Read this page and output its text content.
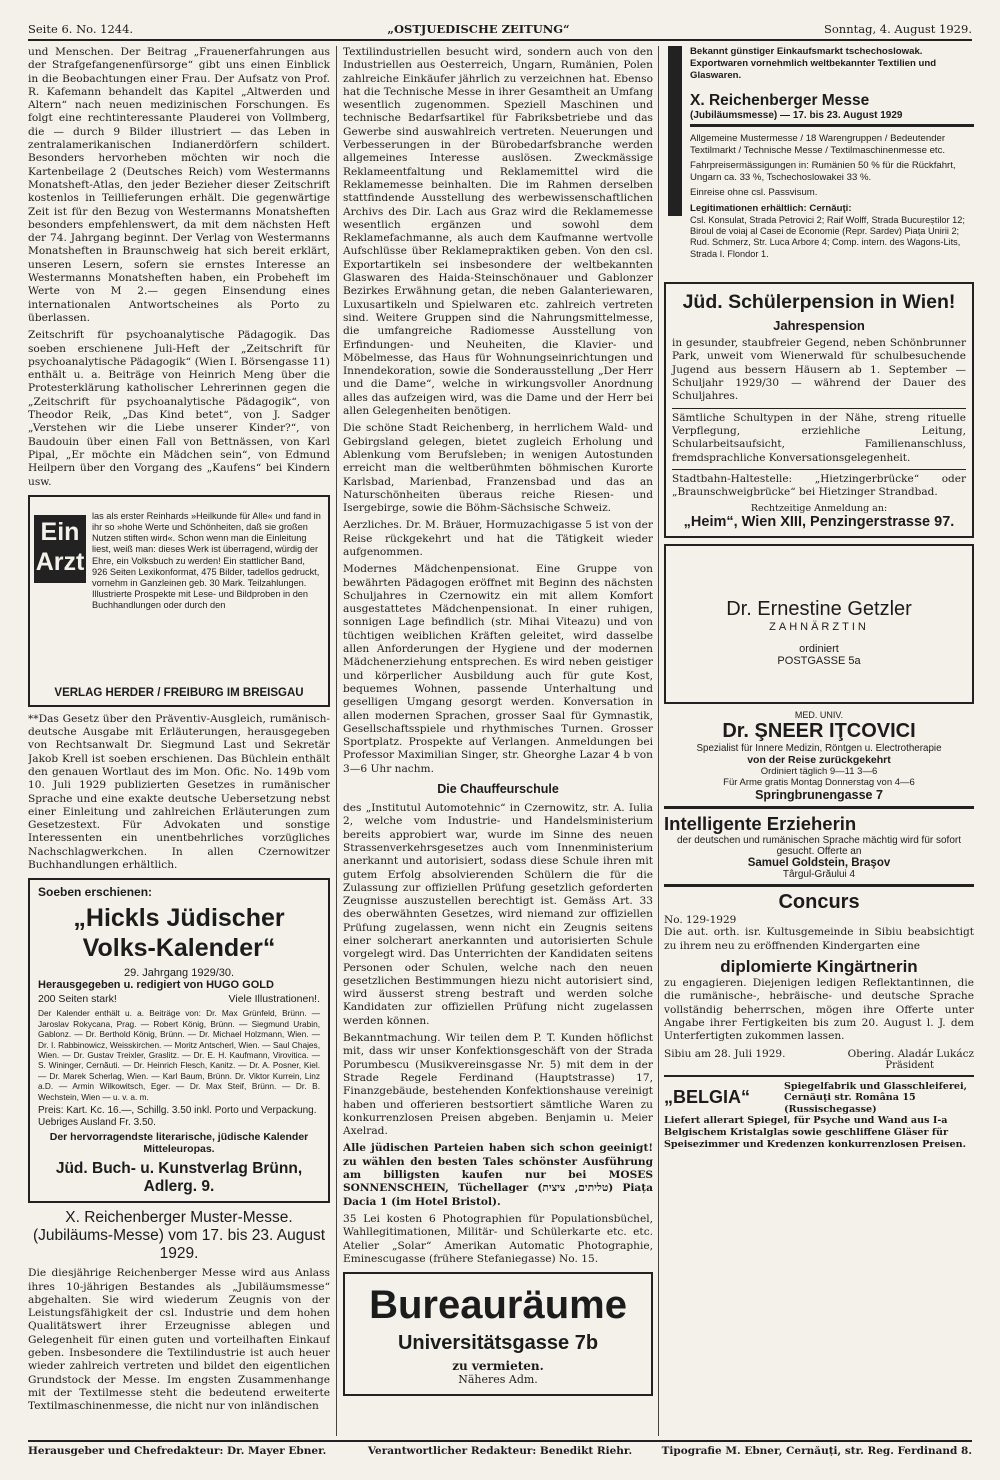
Seite 6. No. 1244.	„OSTJUEDISCHE ZEITUNG“	Sonntag, 4. August 1929.

und Menschen. Der Beitrag „Frauenerfahrungen aus der Strafgefangenenfürsorge“ gibt uns einen Einblick in die Beobachtungen einer Frau. Der Aufsatz von Prof. R. Kafemann behandelt das Kapitel „Altwerden und Altern“ nach neuen medizinischen Forschungen. Es folgt eine rechtinteressante Plauderei von Vollmberg, die — durch 9 Bilder illustriert — das Leben in zentralamerikanischen Indianerdörfern schildert. Besonders hervorheben möchten wir noch die Kartenbeilage 2 (Deutsches Reich) vom Westermanns Monatsheft-Atlas, den jeder Bezieher dieser Zeitschrift kostenlos in Teillieferungen erhält. Die gegenwärtige Zeit ist für den Bezug von Westermanns Monatsheften besonders empfehlenswert, da mit dem nächsten Heft der 74. Jahrgang beginnt. Der Verlag von Westermanns Monatsheften in Braunschweig hat sich bereit erklärt, unseren Lesern, sofern sie ernstes Interesse an Westermanns Monatsheften haben, ein Probeheft im Werte von M 2.— gegen Einsendung eines internationalen Antwortscheines als Porto zu überlassen.

Zeitschrift für psychoanalytische Pädagogik. Das soeben erschienene Juli-Heft der „Zeitschrift für psychoanalytische Pädagogik“ (Wien I. Börsengasse 11) enthält u. a. Beiträge von Heinrich Meng über die Protesterklärung katholischer Lehrerinnen gegen die „Zeitschrift für psychoanalytische Pädagogik“, von Theodor Reik, „Das Kind betet“, von J. Sadger „Verstehen wir die Liebe unserer Kinder?“, von Baudouin über einen Fall von Bettnässen, von Karl Pipal, „Er möchte ein Mädchen sein“, von Edmund Heilpern über den Vorgang des „Kaufens“ bei Kindern usw.

Ein Arzt
las als erster Reinhards »Heilkunde für Alle« und fand in ihr so »hohe Werte und Schönheiten, daß sie großen Nutzen stiften wird«. Schon wenn man die Einleitung liest, weiß man: dieses Werk ist überragend, würdig der Ehre, ein Volksbuch zu werden! Ein stattlicher Band, 926 Seiten Lexikonformat, 475 Bilder, tadellos gedruckt, vornehm in Ganzleinen geb. 30 Mark. Teilzahlungen. Illustrierte Prospekte mit Lese- und Bildproben in den Buchhandlungen oder durch den
VERLAG HERDER / FREIBURG IM BREISGAU

**Das Gesetz über den Präventiv-Ausgleich, rumänisch-deutsche Ausgabe mit Erläuterungen, herausgegeben von Rechtsanwalt Dr. Siegmund Last und Sekretär Jakob Krell ist soeben erschienen. Das Büchlein enthält den genauen Wortlaut des im Mon. Ofic. No. 149b vom 10. Juli 1929 publizierten Gesetzes in rumänischer Sprache und eine exakte deutsche Uebersetzung nebst einer Einleitung und zahlreichen Erläuterungen zum Gesetzestext. Für Advokaten und sonstige Interessenten ein unentbehrliches vorzügliches Nachschlagwerkchen. In allen Czernowitzer Buchhandlungen erhältlich.

Soeben erschienen:
„Hickls Jüdischer Volks-Kalender“
29. Jahrgang 1929/30.
Herausgegeben u. redigiert von HUGO GOLD
200 Seiten stark!	Viele Illustrationen!.
Der Kalender enthält u. a. Beiträge von: Dr. Max Grünfeld, Brünn. — Jaroslav Rokycana, Prag. — Robert König, Brünn. — Siegmund Urabin, Gablonz. — Dr. Berthold König, Brünn. — Dr. Michael Holzmann, Wien. — Dr. I. Rabbinowicz, Weisskirchen. — Moritz Antscherl, Wien. — Saul Chajes, Wien. — Dr. Gustav Treixler, Graslitz. — Dr. E. H. Kaufmann, Virovitica. — S. Wininger, Cernăuti. — Dr. Heinrich Flesch, Kanitz. — Dr. A. Posner, Kiel. — Dr. Marek Scherlag, Wien. — Karl Baum, Brünn. Dr. Viktor Kurrein, Linz a.D. — Armin Wilkowitsch, Eger. — Dr. Max Steif, Brünn. — Dr. B. Wechstein, Wien — u. v. a. m.
Preis: Kart. Kc. 16.—, Schillg. 3.50 inkl. Porto und Verpackung. Uebriges Ausland Fr. 3.50.
Der hervorragendste literarische, jüdische Kalender Mitteleuropas.
Jüd. Buch- u. Kunstverlag Brünn, Adlerg. 9.
X. Reichenberger Muster-Messe. (Jubiläums-Messe) vom 17. bis 23. August 1929.

Die diesjährige Reichenberger Messe wird aus Anlass ihres 10-jährigen Bestandes als „Jubiläumsmesse“ abgehalten. Sie wird wiederum Zeugnis von der Leistungsfähigkeit der csl. Industrie und dem hohen Qualitätswert ihrer Erzeugnisse ablegen und Gelegenheit für einen guten und vorteilhaften Einkauf geben. Insbesondere die Textilindustrie ist auch heuer wieder zahlreich vertreten und bildet den eigentlichen Grundstock der Messe. Im engsten Zusammenhange mit der Textilmesse steht die bedeutend erweiterte Textilmaschinenmesse, die nicht nur von inländischen

Textilindustriellen besucht wird, sondern auch von den Industriellen aus Oesterreich, Ungarn, Rumänien, Polen zahlreiche Einkäufer jährlich zu verzeichnen hat. Ebenso hat die Technische Messe in ihrer Gesamtheit an Umfang wesentlich zugenommen. Speziell Maschinen und technische Bedarfsartikel für Fabriksbetriebe und das Gewerbe sind auswahlreich vertreten. Neuerungen und Verbesserungen in der Bürobedarfsbranche werden allgemeines Interesse auslösen. Zweckmässige Reklameentfaltung und Reklamemittel wird die Reklamemesse beinhalten. Die im Rahmen derselben stattfindende Ausstellung des werbewissenschaftlichen Archivs des Dir. Lach aus Graz wird die Reklamemesse wesentlich ergänzen und sowohl dem Reklamefachmanne, als auch dem Kaufmanne wertvolle Aufschlüsse über Reklamepraktiken geben. Von den csl. Exportartikeln sei insbesondere der weltbekannten Glaswaren des Haida-Steinschönauer und Gablonzer Bezirkes Erwähnung getan, die neben Galanteriewaren, Luxusartikeln und Spielwaren etc. zahlreich vertreten sind. Weitere Gruppen sind die Nahrungsmittelmesse, die umfangreiche Radiomesse Ausstellung von Erfindungen- und Neuheiten, die Klavier- und Möbelmesse, das Haus für Wohnungseinrichtungen und Innendekoration, sowie die Sonderausstellung „Der Herr und die Dame“, welche in wirkungsvoller Anordnung alles das aufzeigen wird, was die Dame und der Herr bei allen Gelegenheiten benötigen.

Die schöne Stadt Reichenberg, in herrlichem Wald- und Gebirgsland gelegen, bietet zugleich Erholung und Ablenkung vom Berufsleben; in wenigen Autostunden erreicht man die weltberühmten böhmischen Kurorte Karlsbad, Marienbad, Franzensbad und das an Naturschönheiten überaus reiche Riesen- und Isergebirge, sowie die Böhm-Sächsische Schweiz.

Aerzliches. Dr. M. Bräuer, Hormuzachigasse 5 ist von der Reise rückgekehrt und hat die Tätigkeit wieder aufgenommen.

Modernes Mädchenpensionat. Eine Gruppe von bewährten Pädagogen eröffnet mit Beginn des nächsten Schuljahres in Czernowitz ein mit allem Komfort ausgestattetes Mädchenpensionat. In einer ruhigen, sonnigen Lage befindlich (str. Mihai Viteazu) und von tüchtigen weiblichen Kräften geleitet, wird dasselbe allen Anforderungen der Hygiene und der modernen Mädchenerziehung entsprechen. Es wird neben geistiger und körperlicher Ausbildung auch für gute Kost, bequemes Wohnen, passende Unterhaltung und geselligen Umgang gesorgt werden. Konversation in allen modernen Sprachen, grosser Saal für Gymnastik, Gesellschaftsspiele und rhythmisches Turnen. Grosser Sportplatz. Prospekte auf Verlangen. Anmeldungen bei Professor Maximilian Singer, str. Gheorghe Lazar 4 b von 3—6 Uhr nachm.

Die Chauffeurschule

des „Institutul Automotehnic“ in Czernowitz, str. A. Iulia 2, welche vom Industrie- und Handelsministerium bereits approbiert war, wurde im Sinne des neuen Strassenverkehrsgesetzes auch vom Innenministerium anerkannt und autorisiert, sodass diese Schule ihren mit gutem Erfolg absolvierenden Schülern die für die Zulassung zur offiziellen Prüfung gesetzlich geforderten Zeugnisse auszustellen berechtigt ist. Gemäss Art. 33 des oberwähnten Gesetzes, wird niemand zur offiziellen Prüfung zugelassen, wenn nicht ein Zeugnis seitens einer solcherart anerkannten und autorisierten Schule vorgelegt wird. Das Unterrichten der Kandidaten seitens Personen oder Schulen, welche nach den neuen gesetzlichen Bestimmungen hiezu nicht autorisiert sind, wird äusserst streng bestraft und werden solche Kandidaten zur offiziellen Prüfung nicht zugelassen werden können.

Bekanntmachung. Wir teilen dem P. T. Kunden höflichst mit, dass wir unser Konfektionsgeschäft von der Strada Porumbescu (Musikvereinsgasse Nr. 5) mit dem in der Strade Regele Ferdinand (Hauptstrasse) 17, Finanzgebäude, bestehenden Konfektionshause vereinigt haben und offerieren bestsortiert sämtliche Waren zu konkurrenzlosen Preisen abgeben. Benjamin u. Meier Axelrad.

Alle jüdischen Parteien haben sich schon geeinigt! zu wählen den besten Tales schönster Ausführung am billigsten kaufen nur bei MOSES SONNENSCHEIN, Tüchellager (טליתים, ציצית) Piața Dacia 1 (im Hotel Bristol).

35 Lei kosten 6 Photographien für Populationsbüchel, Wahllegitimationen, Militär- und Schülerkarte etc. etc. Atelier „Solar“ Amerikan Automatic Photographie, Eminescugasse (frühere Stefaniegasse) No. 15.

Bureauräume
Universitätsgasse 7b
zu vermieten.
Näheres Adm.
Bekannt günstiger Einkaufsmarkt tschechoslowak. Exportwaren vornehmlich weltbekannter Textilien und Glaswaren.
X. Reichenberger Messe
(Jubiläumsmesse) — 17. bis 23. August 1929
Allgemeine Mustermesse / 18 Warengruppen / Bedeutender Textilmarkt / Technische Messe / Textilmaschinenmesse etc.
Fahrpreisermässigungen in: Rumänien 50 % für die Rückfahrt, Ungarn ca. 33 %, Tschechoslowakei 33 %.
Einreise ohne csl. Passvisum.
Legitimationen erhältlich: Cernăuţi:
Csl. Konsulat, Strada Petrovici 2; Raif Wolff, Strada Bucureștilor 12; Biroul de voiaj al Casei de Economie (Repr. Sardev) Piața Unirii 2; Rud. Schmerz, Str. Luca Arbore 4; Comp. intern. des Wagons-Lits, Strada I. Flondor 1.
Jüd. Schülerpension in Wien!
Jahrespension
in gesunder, staubfreier Gegend, neben Schönbrunner Park, unweit vom Wienerwald für schulbesuchende Jugend aus bessern Häusern ab 1. September — Schuljahr 1929/30 — während der Dauer des Schuljahres.
Sämtliche Schultypen in der Nähe, streng rituelle Verpflegung, erziehliche Leitung, Schularbeitsaufsicht, Familienanschluss, fremdsprachliche Konversationsgelegenheit.
Stadtbahn-Haltestelle: „Hietzingerbrücke“ oder „Braunschweigbrücke“ bei Hietzinger Strandbad.
Rechtzeitige Anmeldung an:
„Heim“, Wien XIII, Penzingerstrasse 97.
Dr. Ernestine Getzler
ZAHNÄRZTIN
ordiniert
POSTGASSE 5a
MED. UNIV.
Dr. ŞNEER IŢCOVICI
Spezialist für Innere Medizin, Röntgen u. Electrotherapie
von der Reise zurückgekehrt
Ordiniert täglich 9—11 3—6
Für Arme gratis Montag Donnerstag von 4—6
Springbrunengasse 7
Intelligente Erzieherin
der deutschen und rumänischen Sprache mächtig wird für sofort gesucht. Offerte an
Samuel Goldstein, Braşov
Târgul-Grăului 4
Concurs
No. 129-1929
Die aut. orth. isr. Kultusgemeinde in Sibiu beabsichtigt zu ihrem neu zu eröffnenden Kindergarten eine
diplomierte Kingärtnerin
zu engagieren. Diejenigen ledigen Reflektantinnen, die die rumänische-, hebräische- und deutsche Sprache vollständig beherrschen, mögen ihre Offerte unter Angabe ihrer Fertigkeiten bis zum 20. August l. J. dem Unterfertigten zukommen lassen.
Sibiu am 28. Juli 1929.	Obering. Aladár Lukácz
Präsident
„BELGIA“
Spiegelfabrik und Glasschleiferei, Cernăuţi str. Româna 15 (Russischegasse)
Liefert allerart Spiegel, für Psyche und Wand aus I-a Belgischem Kristalglas sowie geschliffene Gläser für Speisezimmer und Kredenzen konkurrenzlosen Preisen.
Herausgeber und Chefredakteur: Dr. Mayer Ebner.	Verantwortlicher Redakteur: Benedikt Riehr.	Tipografie M. Ebner, Cernăuți, str. Reg. Ferdinand 8.
